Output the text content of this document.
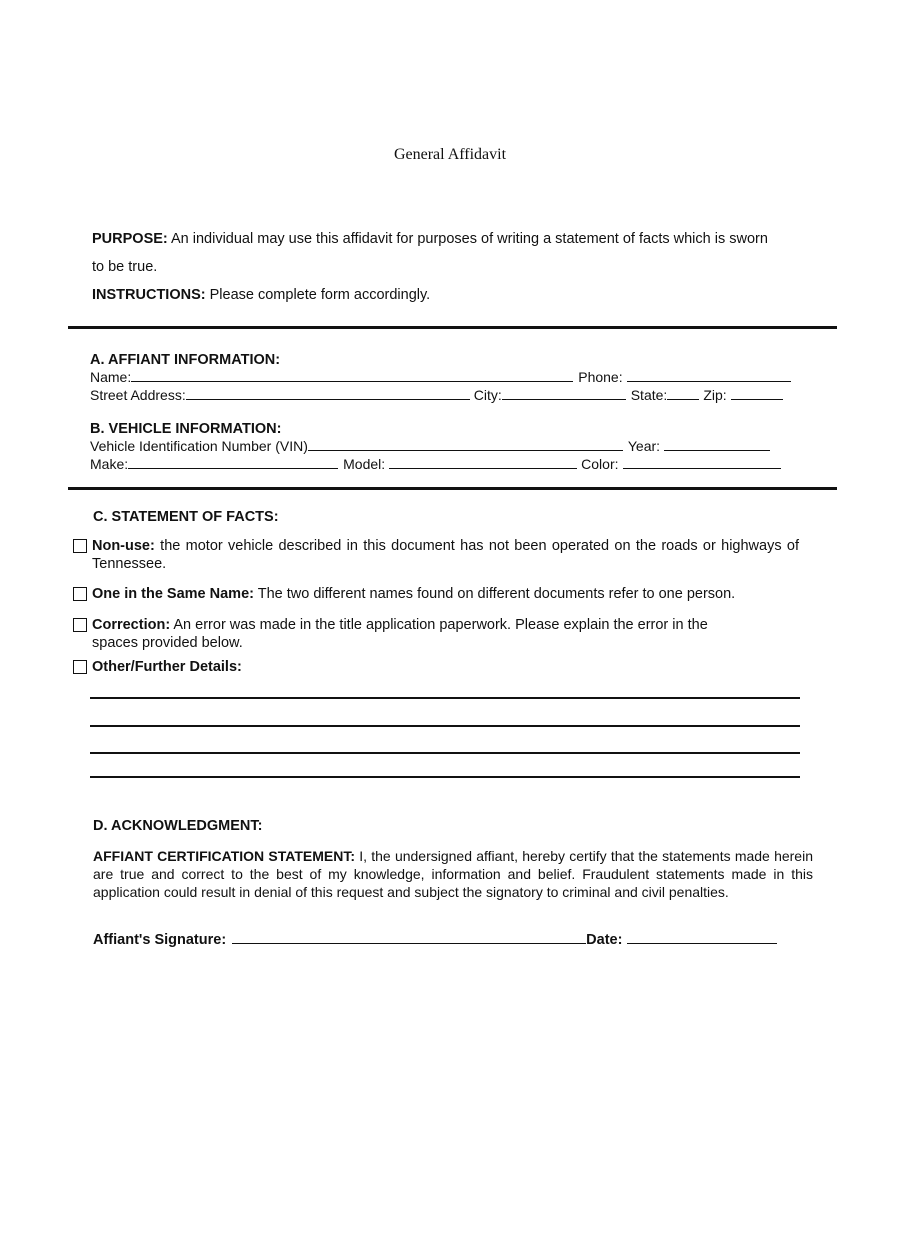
General Affidavit

PURPOSE: An individual may use this affidavit for purposes of writing a statement of facts which is sworn

to be true.

INSTRUCTIONS: Please complete form accordingly.

A. AFFIANT INFORMATION:

Name:	Phone:
Street Address:	City:	State:	Zip:

B. VEHICLE INFORMATION:

Vehicle Identification Number (VIN)	Year:
Make:	Model:	Color:

C. STATEMENT OF FACTS:

Non-use: the motor vehicle described in this document has not been operated on the roads or highways of Tennessee.
One in the Same Name: The two different names found on different documents refer to one person.
Correction: An error was made in the title application paperwork. Please explain the error in the spaces provided below.
Other/Further Details:

D. ACKNOWLEDGMENT:

AFFIANT CERTIFICATION STATEMENT: I, the undersigned affiant, hereby certify that the statements made herein are true and correct to the best of my knowledge, information and belief. Fraudulent statements made in this application could result in denial of this request and subject the signatory to criminal and civil penalties.

Affiant's Signature:	Date:
